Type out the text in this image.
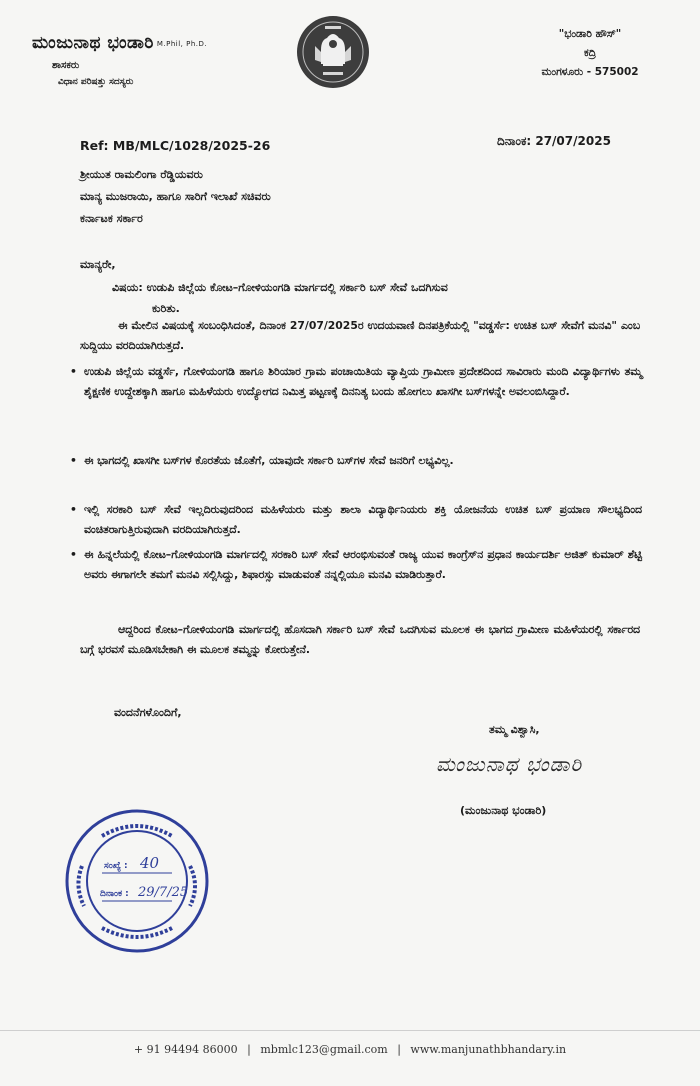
ಮಂಜುನಾಥ ಭಂಡಾರಿ M.Phil, Ph.D.
ಶಾಸಕರು
ವಿಧಾನ ಪರಿಷತ್ತು ಸದಸ್ಯರು
"ಭಂಡಾರಿ ಹೌಸ್"
ಕದ್ರಿ
ಮಂಗಳೂರು - 575002
Ref: MB/MLC/1028/2025-26	ದಿನಾಂಕ: 27/07/2025
ಶ್ರೀಯುತ ರಾಮಲಿಂಗಾ ರೆಡ್ಡಿಯವರು
ಮಾನ್ಯ ಮುಜರಾಯಿ, ಹಾಗೂ ಸಾರಿಗೆ ಇಲಾಖೆ ಸಚಿವರು
ಕರ್ನಾಟಕ ಸರ್ಕಾರ
ಮಾನ್ಯರೇ,
ವಿಷಯ: ಉಡುಪಿ ಜಿಲ್ಲೆಯ ಕೋಟ–ಗೋಳಿಯಂಗಡಿ ಮಾರ್ಗದಲ್ಲಿ ಸರ್ಕಾರಿ ಬಸ್ ಸೇವೆ ಒದಗಿಸುವ
ಕುರಿತು.
ಈ ಮೇಲಿನ ವಿಷಯಕ್ಕೆ ಸಂಬಂಧಿಸಿದಂತೆ, ದಿನಾಂಕ 27/07/2025ರ ಉದಯವಾಣಿ ದಿನಪತ್ರಿಕೆಯಲ್ಲಿ "ವಡ್ಡರ್ಸೆ: ಉಚಿತ ಬಸ್ ಸೇವೆಗೆ ಮನವಿ" ಎಂಬ ಸುದ್ದಿಯು ವರದಿಯಾಗಿರುತ್ತದೆ.
• ಉಡುಪಿ ಜಿಲ್ಲೆಯ ವಡ್ಡರ್ಸೆ, ಗೋಳಿಯಂಗಡಿ ಹಾಗೂ ಶಿರಿಯಾರ ಗ್ರಾಮ ಪಂಚಾಯಿತಿಯ ವ್ಯಾಪ್ತಿಯ ಗ್ರಾಮೀಣ ಪ್ರದೇಶದಿಂದ ಸಾವಿರಾರು ಮಂದಿ ವಿದ್ಯಾರ್ಥಿಗಳು ತಮ್ಮ ಶೈಕ್ಷಣಿಕ ಉದ್ದೇಶಕ್ಕಾಗಿ ಹಾಗೂ ಮಹಿಳೆಯರು ಉದ್ಯೋಗದ ನಿಮಿತ್ತ ಪಟ್ಟಣಕ್ಕೆ ದಿನನಿತ್ಯ ಬಂದು ಹೋಗಲು ಖಾಸಗೀ ಬಸ್‌ಗಳನ್ನೇ ಅವಲಂಬಿಸಿದ್ದಾರೆ.
• ಈ ಭಾಗದಲ್ಲಿ ಖಾಸಗೀ ಬಸ್‌ಗಳ ಕೊರತೆಯ ಜೊತೆಗೆ, ಯಾವುದೇ ಸರ್ಕಾರಿ ಬಸ್‌ಗಳ ಸೇವೆ ಜನರಿಗೆ ಲಭ್ಯವಿಲ್ಲ.
• ಇಲ್ಲಿ ಸರಕಾರಿ ಬಸ್ ಸೇವೆ ಇಲ್ಲದಿರುವುದರಿಂದ ಮಹಿಳೆಯರು ಮತ್ತು ಶಾಲಾ ವಿದ್ಯಾರ್ಥಿನಿಯರು ಶಕ್ತಿ ಯೋಜನೆಯ ಉಚಿತ ಬಸ್ ಪ್ರಯಾಣ ಸೌಲಭ್ಯದಿಂದ ವಂಚಿತರಾಗುತ್ತಿರುವುದಾಗಿ ವರದಿಯಾಗಿರುತ್ತದೆ.
• ಈ ಹಿನ್ನಲೆಯಲ್ಲಿ ಕೋಟ–ಗೋಳಿಯಂಗಡಿ ಮಾರ್ಗದಲ್ಲಿ ಸರಕಾರಿ ಬಸ್ ಸೇವೆ ಆರಂಭಿಸುವಂತೆ ರಾಜ್ಯ ಯುವ ಕಾಂಗ್ರೆಸ್‌ನ ಪ್ರಧಾನ ಕಾರ್ಯದರ್ಶಿ ಅಜಿತ್ ಕುಮಾರ್ ಶೆಟ್ಟಿ ಅವರು ಈಗಾಗಲೇ ತಮಗೆ ಮನವಿ ಸಲ್ಲಿಸಿದ್ದು, ಶಿಫಾರಸ್ಸು ಮಾಡುವಂತೆ ನನ್ನಲ್ಲಿಯೂ ಮನವಿ ಮಾಡಿರುತ್ತಾರೆ.
ಆದ್ದರಿಂದ ಕೋಟ–ಗೋಳಿಯಂಗಡಿ ಮಾರ್ಗದಲ್ಲಿ ಹೊಸದಾಗಿ ಸರ್ಕಾರಿ ಬಸ್ ಸೇವೆ ಒದಗಿಸುವ ಮೂಲಕ ಈ ಭಾಗದ ಗ್ರಾಮೀಣ ಮಹಿಳೆಯರಲ್ಲಿ ಸರ್ಕಾರದ ಬಗ್ಗೆ ಭರವಸೆ ಮೂಡಿಸಬೇಕಾಗಿ ಈ ಮೂಲಕ ತಮ್ಮನ್ನು ಕೋರುತ್ತೇನೆ.
ವಂದನೆಗಳೊಂದಿಗೆ,
ತಮ್ಮ ವಿಶ್ವಾಸಿ,
ಮಂಜುನಾಥ ಭಂಡಾರಿ
(ಮಂಜುನಾಥ ಭಂಡಾರಿ)
ಸಂಖ್ಯೆ : 40
ದಿನಾಂಕ : 29/7/25
+ 91 94494 86000 | mbmlc123@gmail.com | www.manjunathbhandary.in
